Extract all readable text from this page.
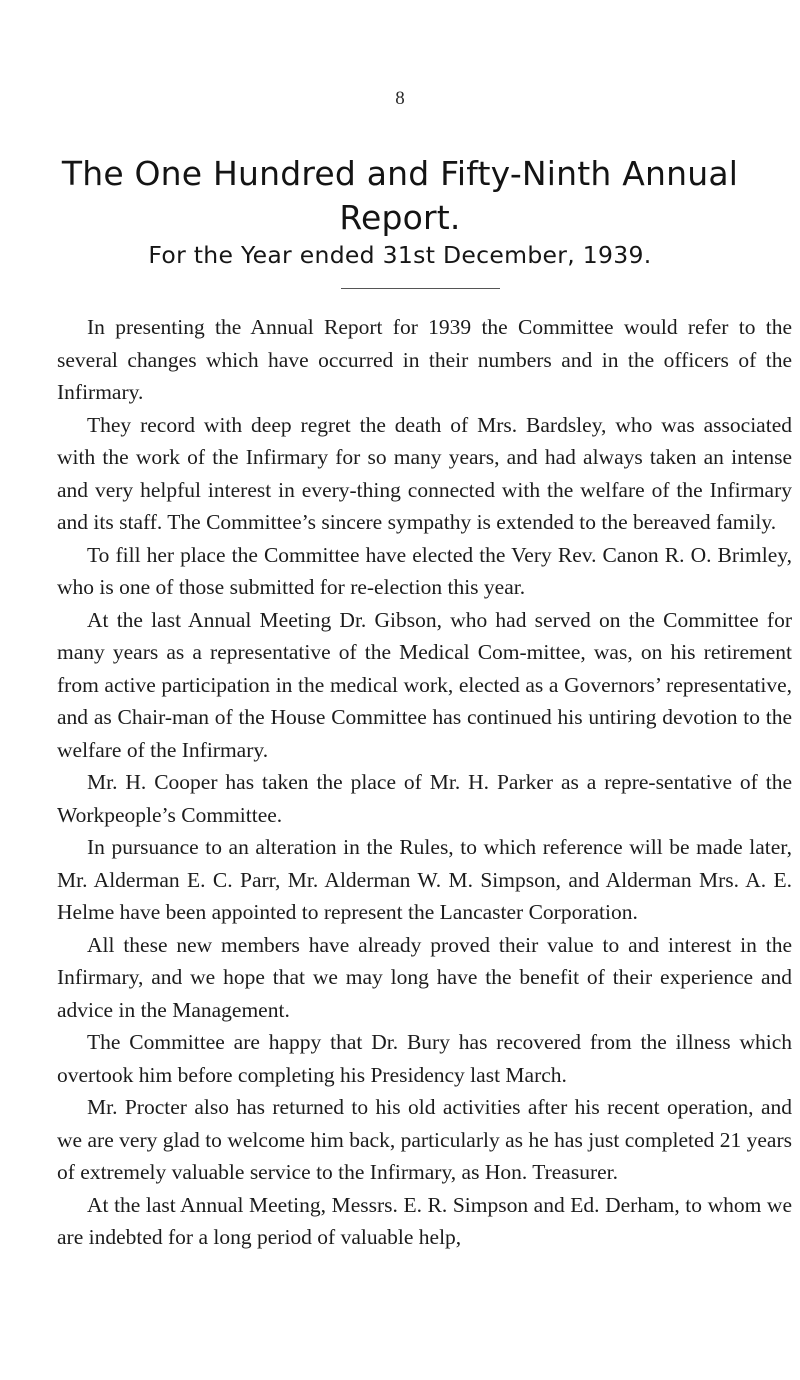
8
The One Hundred and Fifty-Ninth Annual Report.
For the Year ended 31st December, 1939.

In presenting the Annual Report for 1939 the Committee would refer to the several changes which have occurred in their numbers and in the officers of the Infirmary.

They record with deep regret the death of Mrs. Bardsley, who was associated with the work of the Infirmary for so many years, and had always taken an intense and very helpful interest in every-thing connected with the welfare of the Infirmary and its staff. The Committee’s sincere sympathy is extended to the bereaved family.

To fill her place the Committee have elected the Very Rev. Canon R. O. Brimley, who is one of those submitted for re-election this year.

At the last Annual Meeting Dr. Gibson, who had served on the Committee for many years as a representative of the Medical Com-mittee, was, on his retirement from active participation in the medical work, elected as a Governors’ representative, and as Chair-man of the House Committee has continued his untiring devotion to the welfare of the Infirmary.

Mr. H. Cooper has taken the place of Mr. H. Parker as a repre-sentative of the Workpeople’s Committee.

In pursuance to an alteration in the Rules, to which reference will be made later, Mr. Alderman E. C. Parr, Mr. Alderman W. M. Simpson, and Alderman Mrs. A. E. Helme have been appointed to represent the Lancaster Corporation.

All these new members have already proved their value to and interest in the Infirmary, and we hope that we may long have the benefit of their experience and advice in the Management.

The Committee are happy that Dr. Bury has recovered from the illness which overtook him before completing his Presidency last March.

Mr. Procter also has returned to his old activities after his recent operation, and we are very glad to welcome him back, particularly as he has just completed 21 years of extremely valuable service to the Infirmary, as Hon. Treasurer.

At the last Annual Meeting, Messrs. E. R. Simpson and Ed. Derham, to whom we are indebted for a long period of valuable help,
